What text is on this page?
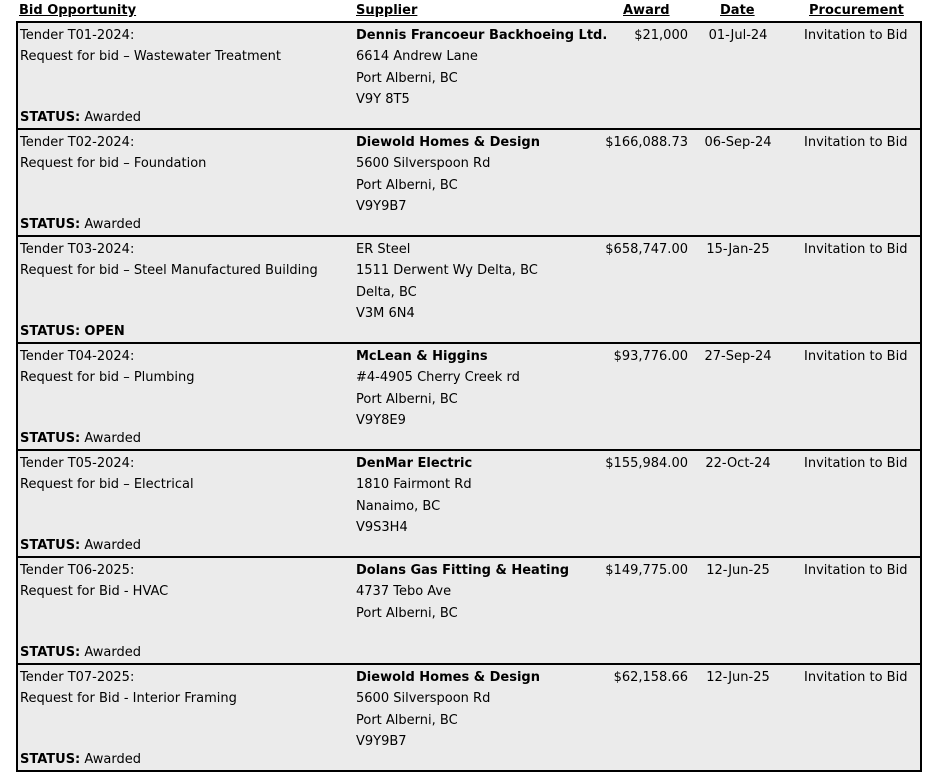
Bid Opportunity	Supplier	Award	Date	Procurement
Tender T01-2024:
Request for bid – Wastewater Treatment
STATUS: Awarded
Dennis Francoeur Backhoeing Ltd.
6614 Andrew Lane
Port Alberni, BC
V9Y 8T5
$21,000	01-Jul-24	Invitation to Bid
Tender T02-2024:
Request for bid – Foundation
STATUS: Awarded
Diewold Homes & Design
5600 Silverspoon Rd
Port Alberni, BC
V9Y9B7
$166,088.73	06-Sep-24	Invitation to Bid
Tender T03-2024:
Request for bid – Steel Manufactured Building
STATUS: OPEN
ER Steel
1511 Derwent Wy Delta, BC
Delta, BC
V3M 6N4
$658,747.00	15-Jan-25	Invitation to Bid
Tender T04-2024:
Request for bid – Plumbing
STATUS: Awarded
McLean & Higgins
#4-4905 Cherry Creek rd
Port Alberni, BC
V9Y8E9
$93,776.00	27-Sep-24	Invitation to Bid
Tender T05-2024:
Request for bid – Electrical
STATUS: Awarded
DenMar Electric
1810 Fairmont Rd
Nanaimo, BC
V9S3H4
$155,984.00	22-Oct-24	Invitation to Bid
Tender T06-2025:
Request for Bid - HVAC
STATUS: Awarded
Dolans Gas Fitting & Heating
4737 Tebo Ave
Port Alberni, BC
$149,775.00	12-Jun-25	Invitation to Bid
Tender T07-2025:
Request for Bid - Interior Framing
STATUS: Awarded
Diewold Homes & Design
5600 Silverspoon Rd
Port Alberni, BC
V9Y9B7
$62,158.66	12-Jun-25	Invitation to Bid
